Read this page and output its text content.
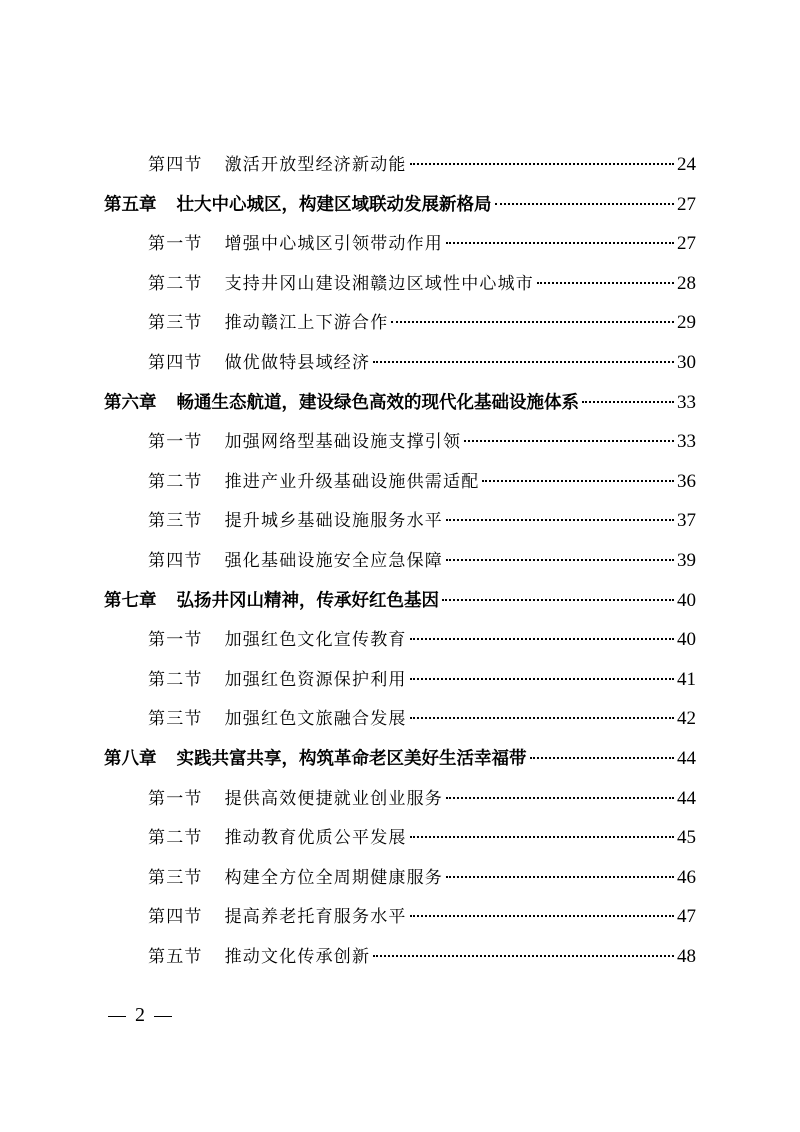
第四节 激活开放型经济新动能	24
第五章 壮大中心城区，构建区域联动发展新格局	27
第一节 增强中心城区引领带动作用	27
第二节 支持井冈山建设湘赣边区域性中心城市	28
第三节 推动赣江上下游合作	29
第四节 做优做特县域经济	30
第六章 畅通生态航道，建设绿色高效的现代化基础设施体系	33
第一节 加强网络型基础设施支撑引领	33
第二节 推进产业升级基础设施供需适配	36
第三节 提升城乡基础设施服务水平	37
第四节 强化基础设施安全应急保障	39
第七章 弘扬井冈山精神，传承好红色基因	40
第一节 加强红色文化宣传教育	40
第二节 加强红色资源保护利用	41
第三节 加强红色文旅融合发展	42
第八章 实践共富共享，构筑革命老区美好生活幸福带	44
第一节 提供高效便捷就业创业服务	44
第二节 推动教育优质公平发展	45
第三节 构建全方位全周期健康服务	46
第四节 提高养老托育服务水平	47
第五节 推动文化传承创新	48
2
